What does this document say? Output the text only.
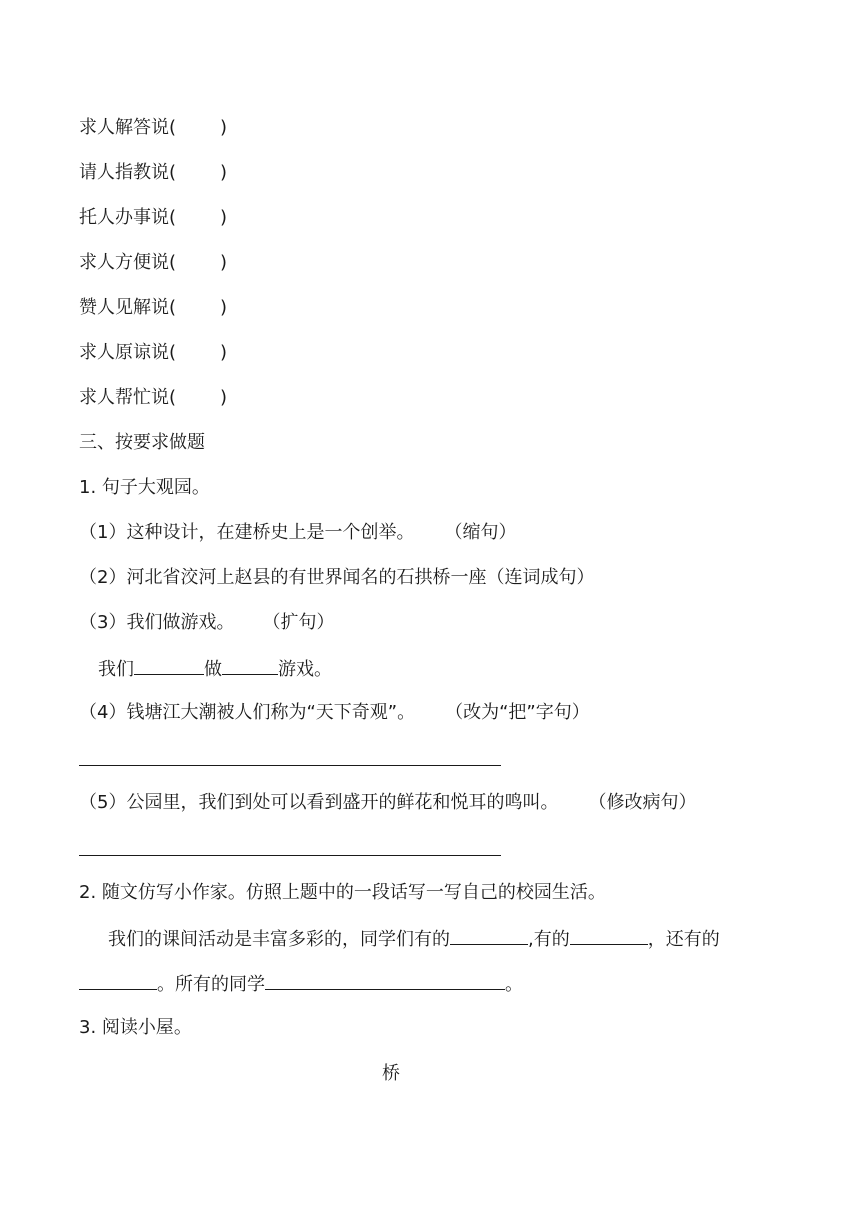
求人解答说( )
请人指教说( )
托人办事说( )
求人方便说( )
赞人见解说( )
求人原谅说( )
求人帮忙说( )
三、按要求做题
1. 句子大观园。
（1）这种设计，在建桥史上是一个创举。 （缩句）
（2）河北省洨河上赵县的有世界闻名的石拱桥一座（连词成句）
（3）我们做游戏。 （扩句）
我们	做	游戏。
（4）钱塘江大潮被人们称为“天下奇观”。 （改为“把”字句）
（5）公园里，我们到处可以看到盛开的鲜花和悦耳的鸣叫。 （修改病句）
2. 随文仿写小作家。仿照上题中的一段话写一写自己的校园生活。
我们的课间活动是丰富多彩的，同学们有的	,有的	，还有的
。所有的同学	。
3. 阅读小屋。
桥
